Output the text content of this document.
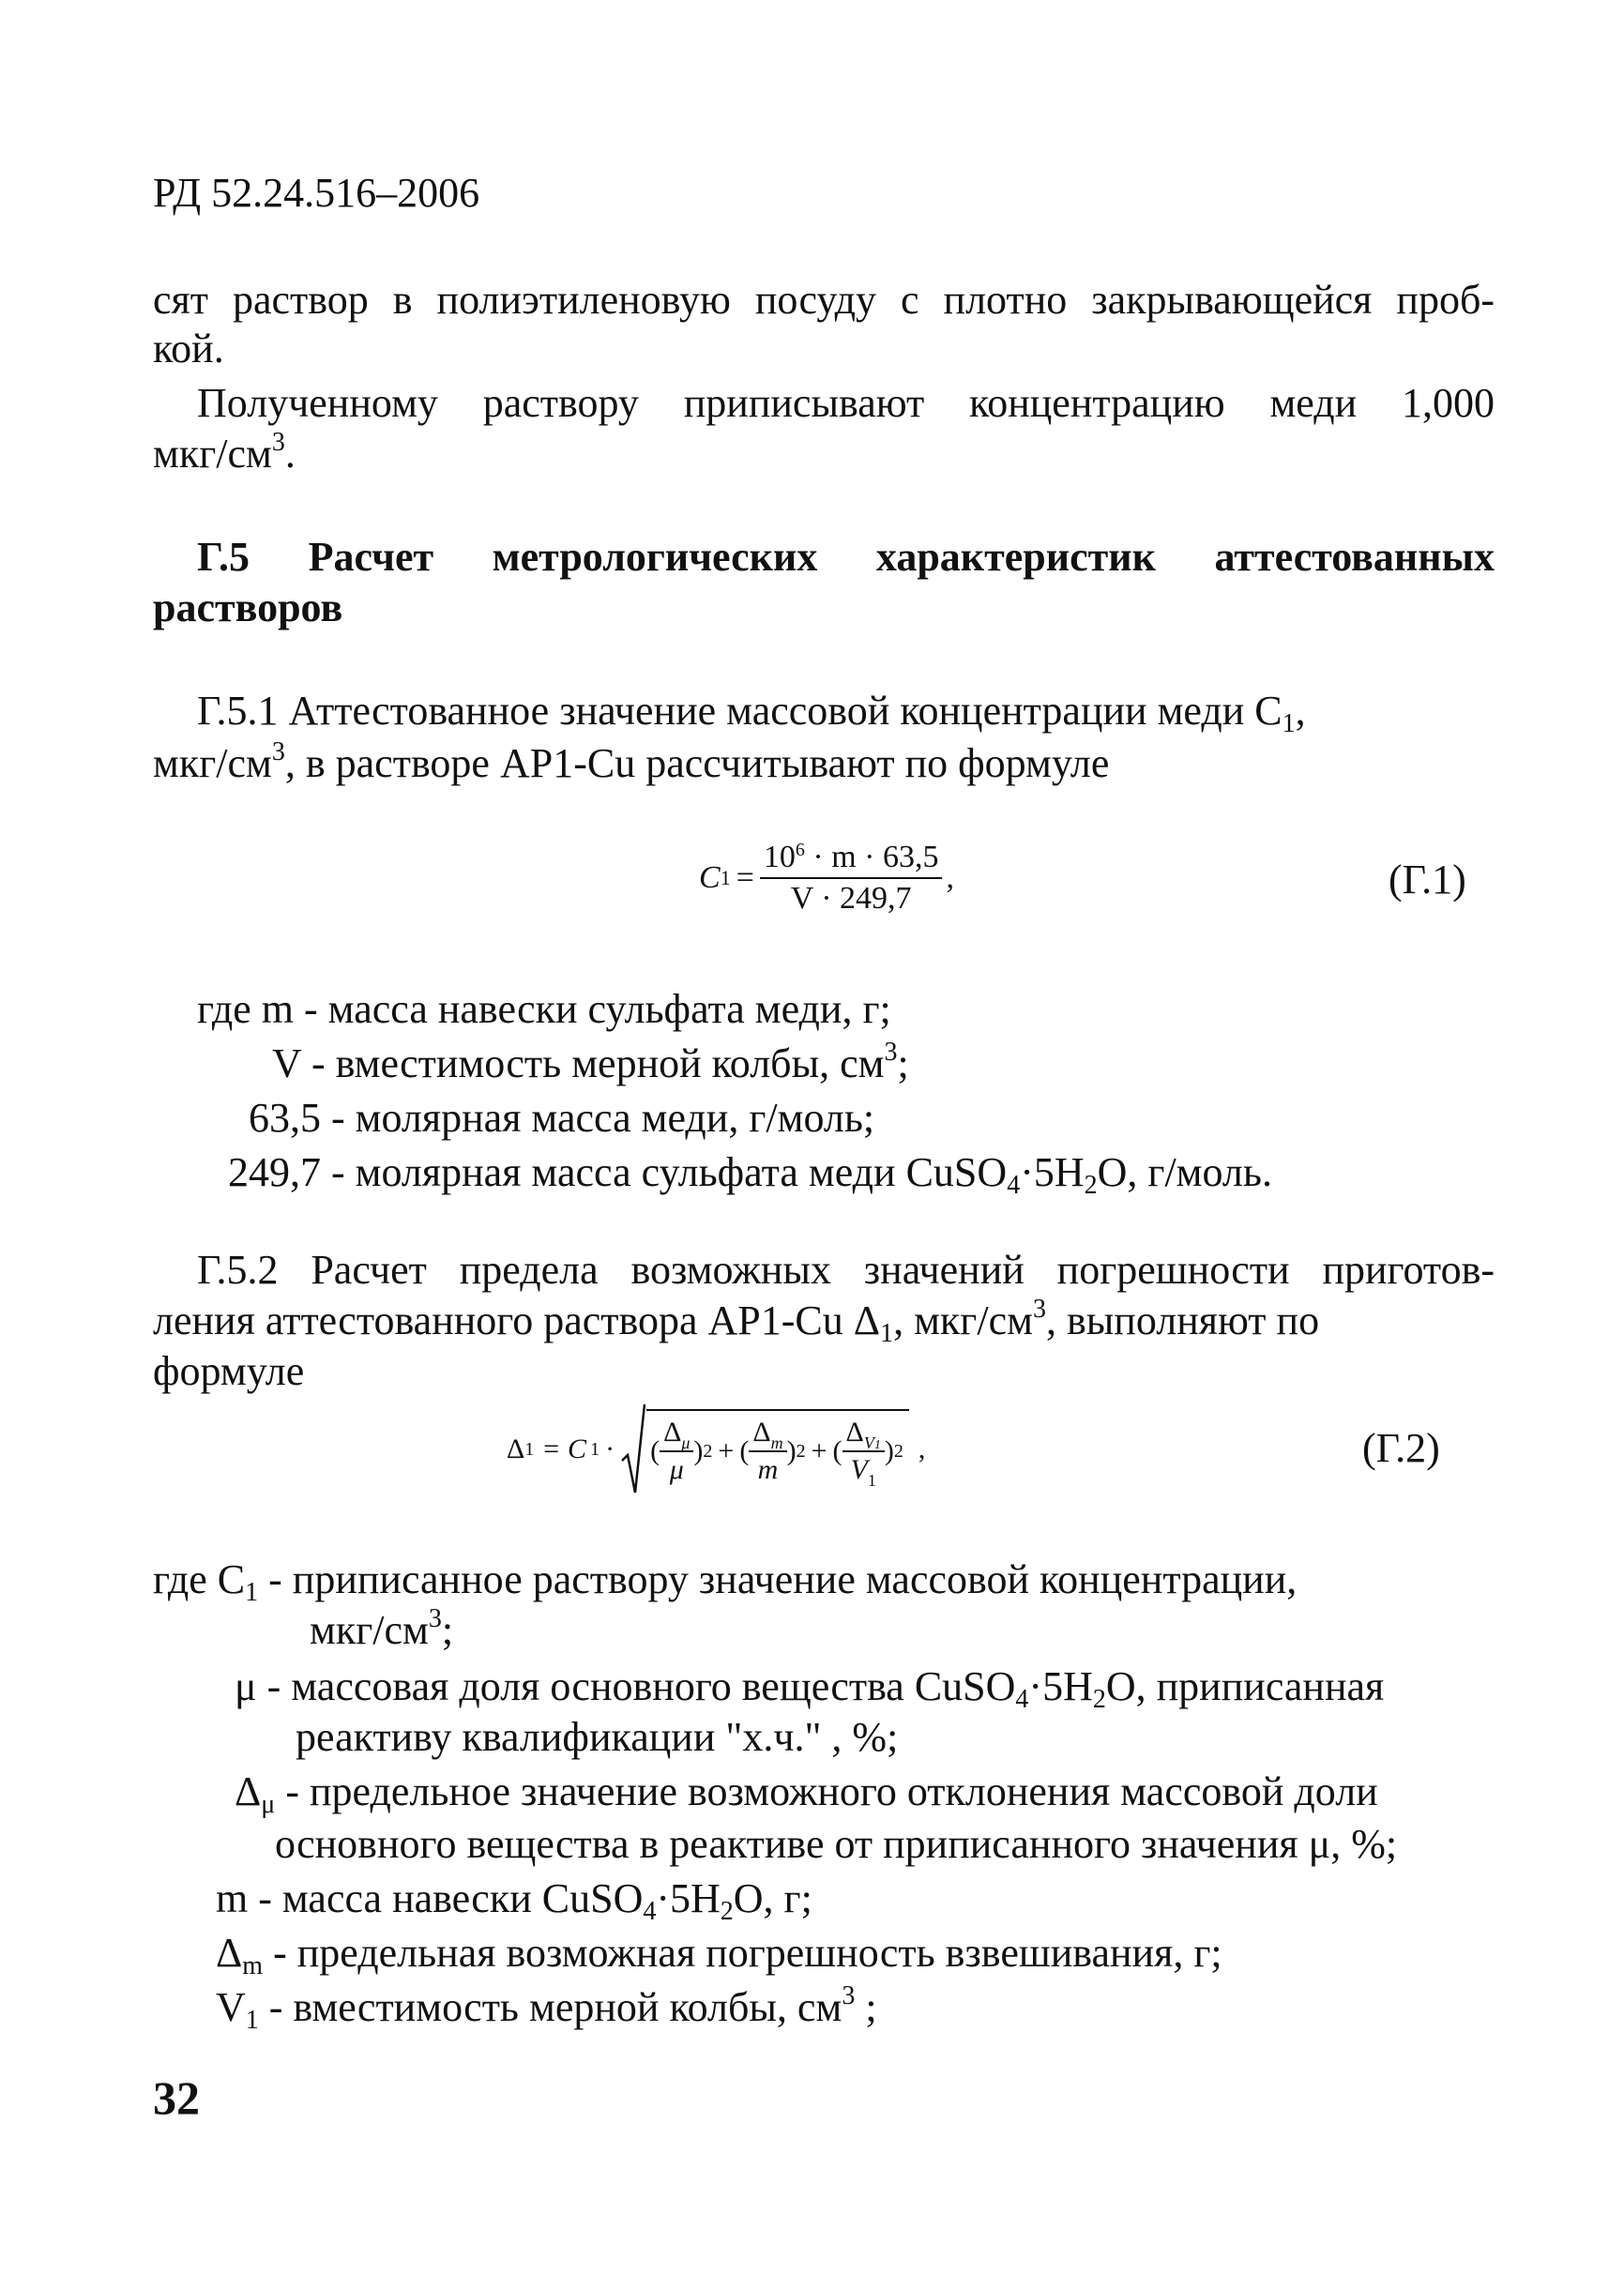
РД 52.24.516–2006
сят раствор в полиэтиленовую посуду с плотно закрывающейся проб-
кой.
Полученному раствору приписывают концентрацию меди 1,000
мкг/$см^3$.
Г.5 Расчет метрологических характеристик аттестованных
растворов
Г.5.1 Аттестованное значение массовой концентрации меди $С_1$,
мкг/$см^3$, в растворе АР1-Cu рассчитывают по формуле
C $1 = \frac{10^6 \cdot m \cdot 63,5}{V \cdot 249,7}$ ,	(Г.1)
где m - масса навески сульфата меди, г;
V - вместимость мерной колбы, $см^3$;
63,5 - молярная масса меди, г/моль;
249,7 - молярная масса сульфата меди $CuSO_4\cdot 5H_2O$, г/моль.
Г.5.2 Расчет предела возможных значений погрешности приготов-
ления аттестованного раствора АР1-Cu $\Delta_1$, мкг/$см^3$, выполняют по
формуле
Δ 1 = C 1 · ( $\frac{\Delta_\mu}{\mu}$ ) 2 + ( $\frac{\Delta_m}{m}$ ) 2 + ( $\frac{\Delta_{V1}}{V_1}$ ) 2 ,	(Г.2)
где $C_1$ - приписанное раствору значение массовой концентрации,
мкг/$см^3$;
μ - массовая доля основного вещества $CuSO_4\cdot 5H_2O$, приписанная
реактиву квалификации "х.ч." , %;
$\Delta_\mu$ - предельное значение возможного отклонения массовой доли
основного вещества в реактиве от приписанного значения μ, %;
m - масса навески $CuSO_4\cdot 5H_2O$, г;
$\Delta_m$ - предельная возможная погрешность взвешивания, г;
$V_1$ - вместимость мерной колбы, $см^3$ ;
32
